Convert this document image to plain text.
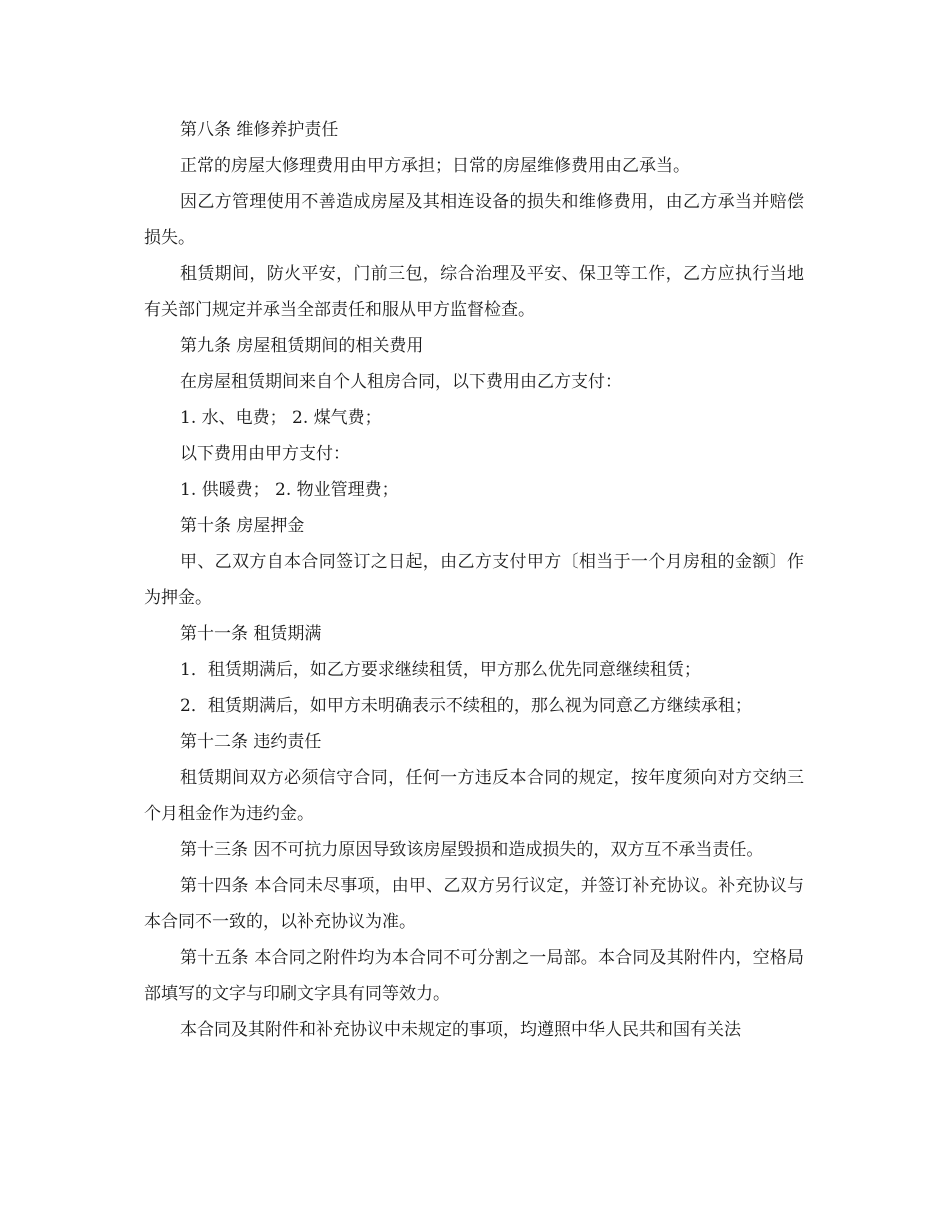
第八条 维修养护责任

正常的房屋大修理费用由甲方承担；日常的房屋维修费用由乙承当。

因乙方管理使用不善造成房屋及其相连设备的损失和维修费用，由乙方承当并赔偿损失。

租赁期间，防火平安，门前三包，综合治理及平安、保卫等工作，乙方应执行当地有关部门规定并承当全部责任和服从甲方监督检查。

第九条 房屋租赁期间的相关费用

在房屋租赁期间来自个人租房合同，以下费用由乙方支付：

1. 水、电费； 2. 煤气费；

以下费用由甲方支付：

1. 供暖费； 2. 物业管理费；

第十条 房屋押金

甲、乙双方自本合同签订之日起，由乙方支付甲方〔相当于一个月房租的金额〕作为押金。

第十一条 租赁期满

1．租赁期满后，如乙方要求继续租赁，甲方那么优先同意继续租赁；

2．租赁期满后，如甲方未明确表示不续租的，那么视为同意乙方继续承租；

第十二条 违约责任

租赁期间双方必须信守合同，任何一方违反本合同的规定，按年度须向对方交纳三个月租金作为违约金。

第十三条 因不可抗力原因导致该房屋毁损和造成损失的，双方互不承当责任。

第十四条 本合同未尽事项，由甲、乙双方另行议定，并签订补充协议。补充协议与本合同不一致的，以补充协议为准。

第十五条 本合同之附件均为本合同不可分割之一局部。本合同及其附件内，空格局部填写的文字与印刷文字具有同等效力。

本合同及其附件和补充协议中未规定的事项，均遵照中华人民共和国有关法
